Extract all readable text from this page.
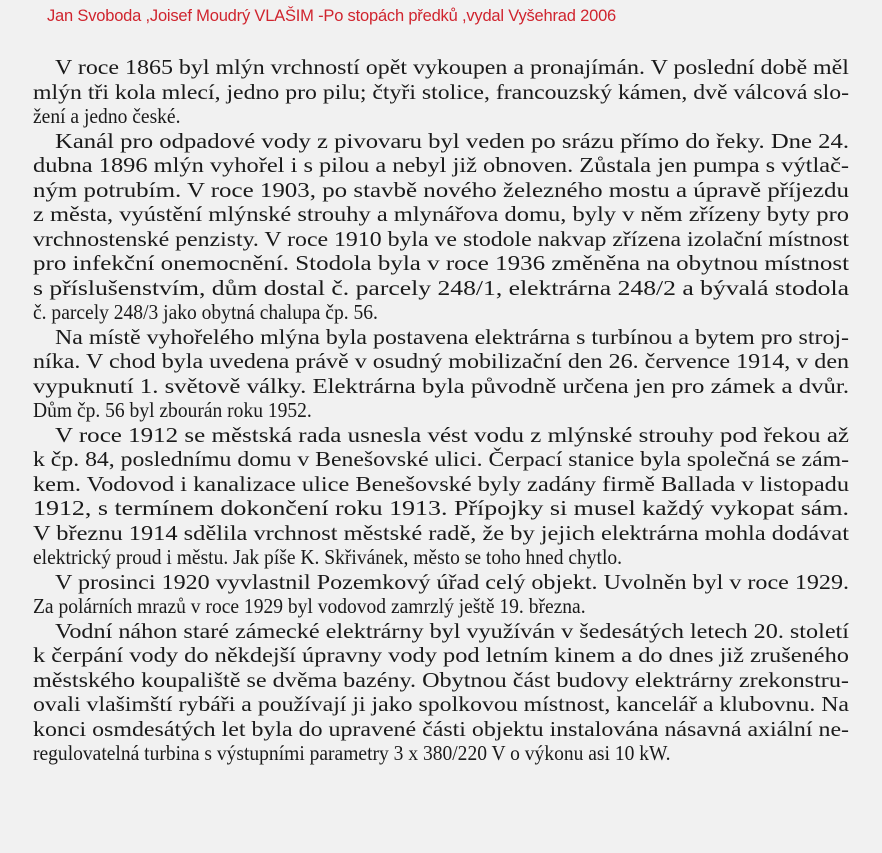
Jan Svoboda ,Joisef Moudrý VLAŠIM -Po stopách předků ,vydal Vyšehrad 2006
V roce 1865 byl mlýn vrchností opět vykoupen a pronajímán. V poslední době měl
mlýn tři kola mlecí, jedno pro pilu; čtyři stolice, francouzský kámen, dvě válcová slo-
žení a jedno české.
Kanál pro odpadové vody z pivovaru byl veden po srázu přímo do řeky. Dne 24.
dubna 1896 mlýn vyhořel i s pilou a nebyl již obnoven. Zůstala jen pumpa s výtlač-
ným potrubím. V roce 1903, po stavbě nového železného mostu a úpravě příjezdu
z města, vyústění mlýnské strouhy a mlynářova domu, byly v něm zřízeny byty pro
vrchnostenské penzisty. V roce 1910 byla ve stodole nakvap zřízena izolační místnost
pro infekční onemocnění. Stodola byla v roce 1936 změněna na obytnou místnost
s příslušenstvím, dům dostal č. parcely 248/1, elektrárna 248/2 a bývalá stodola
č. parcely 248/3 jako obytná chalupa čp. 56.
Na místě vyhořelého mlýna byla postavena elektrárna s turbínou a bytem pro stroj-
níka. V chod byla uvedena právě v osudný mobilizační den 26. července 1914, v den
vypuknutí 1. světově války. Elektrárna byla původně určena jen pro zámek a dvůr.
Dům čp. 56 byl zbourán roku 1952.
V roce 1912 se městská rada usnesla vést vodu z mlýnské strouhy pod řekou až
k čp. 84, poslednímu domu v Benešovské ulici. Čerpací stanice byla společná se zám-
kem. Vodovod i kanalizace ulice Benešovské byly zadány firmě Ballada v listopadu
1912, s termínem dokončení roku 1913. Přípojky si musel každý vykopat sám.
V březnu 1914 sdělila vrchnost městské radě, že by jejich elektrárna mohla dodávat
elektrický proud i městu. Jak píše K. Skřivánek, město se toho hned chytlo.
V prosinci 1920 vyvlastnil Pozemkový úřad celý objekt. Uvolněn byl v roce 1929.
Za polárních mrazů v roce 1929 byl vodovod zamrzlý ještě 19. března.
Vodní náhon staré zámecké elektrárny byl využíván v šedesátých letech 20. století
k čerpání vody do někdejší úpravny vody pod letním kinem a do dnes již zrušeného
městského koupaliště se dvěma bazény. Obytnou část budovy elektrárny zrekonstru-
ovali vlašimští rybáři a používají ji jako spolkovou místnost, kancelář a klubovnu. Na
konci osmdesátých let byla do upravené části objektu instalována násavná axiální ne-
regulovatelná turbina s výstupními parametry 3 x 380/220 V o výkonu asi 10 kW.
